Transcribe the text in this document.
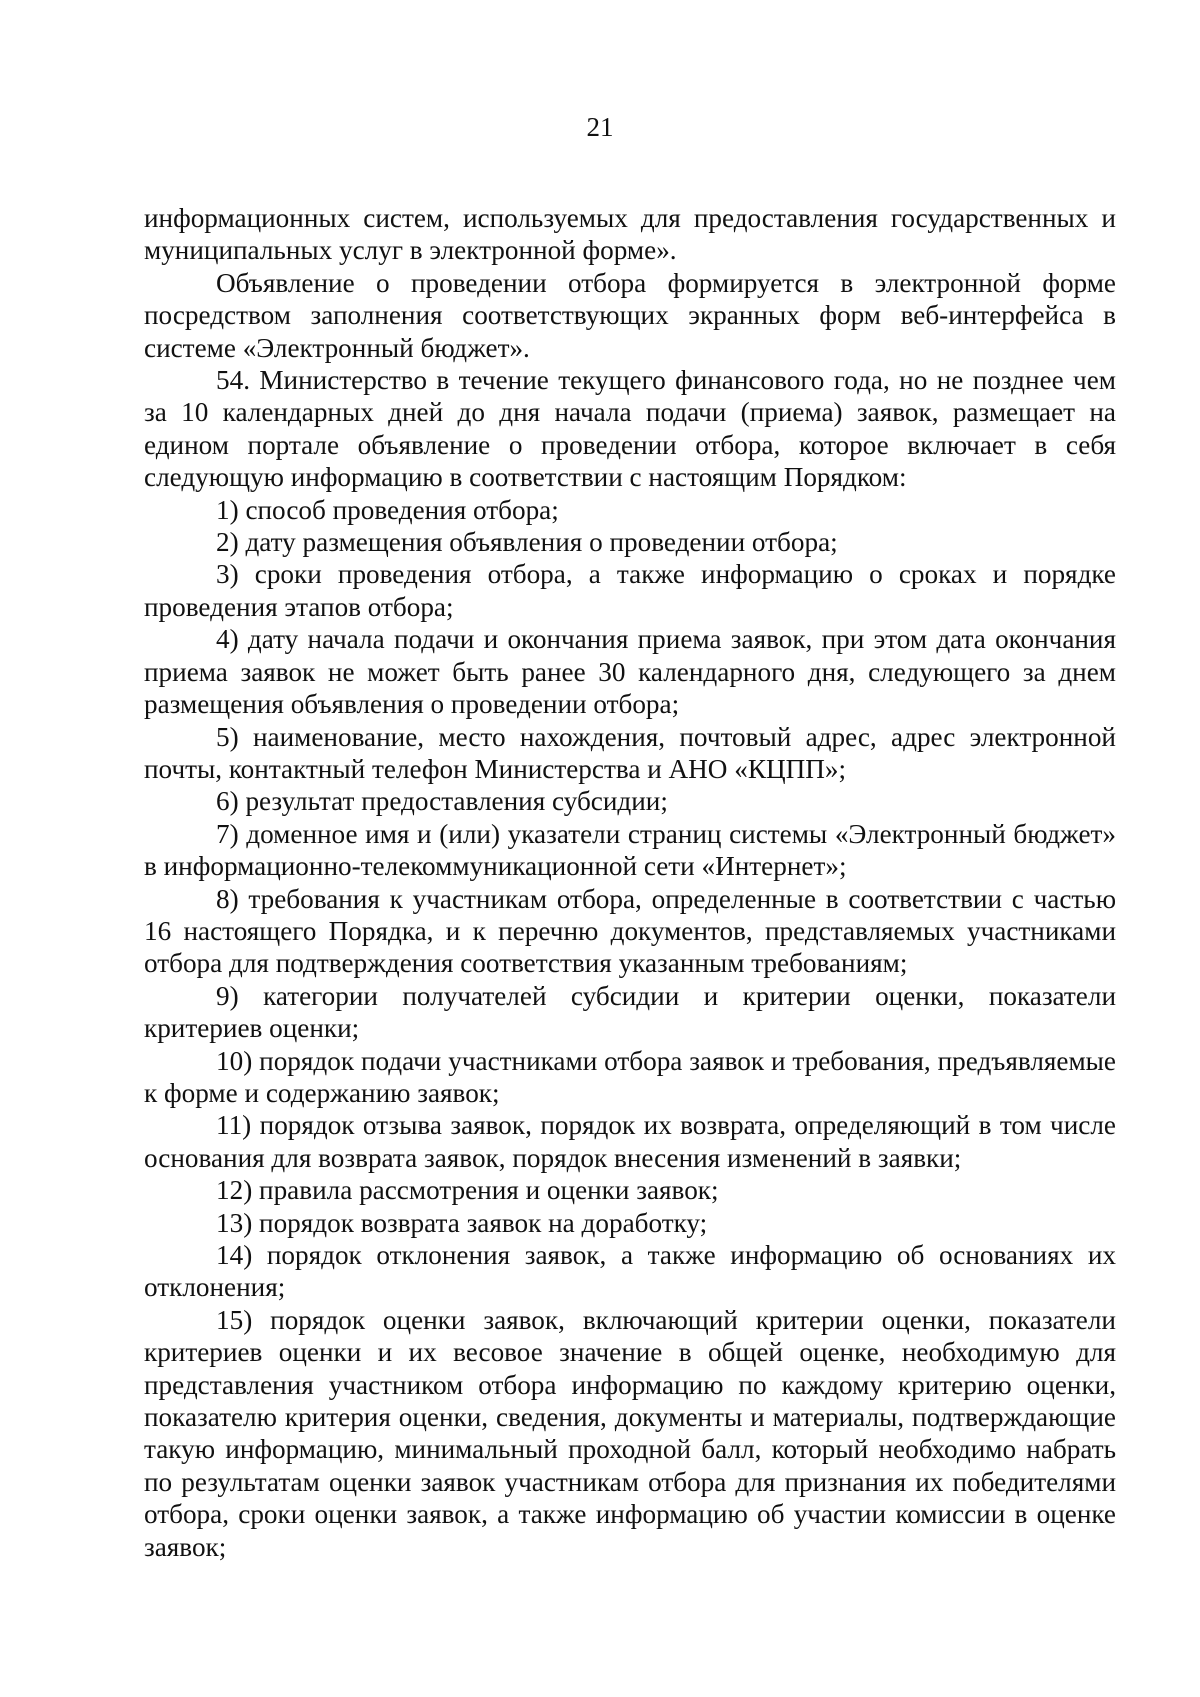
21

информационных систем, используемых для предоставления государственных и муниципальных услуг в электронной форме».

Объявление о проведении отбора формируется в электронной форме посредством заполнения соответствующих экранных форм веб-интерфейса в системе «Электронный бюджет».

54. Министерство в течение текущего финансового года, но не позднее чем за 10 календарных дней до дня начала подачи (приема) заявок, размещает на едином портале объявление о проведении отбора, которое включает в себя следующую информацию в соответствии с настоящим Порядком:

1) способ проведения отбора;

2) дату размещения объявления о проведении отбора;

3) сроки проведения отбора, а также информацию о сроках и порядке проведения этапов отбора;

4) дату начала подачи и окончания приема заявок, при этом дата окончания приема заявок не может быть ранее 30 календарного дня, следующего за днем размещения объявления о проведении отбора;

5) наименование, место нахождения, почтовый адрес, адрес электронной почты, контактный телефон Министерства и АНО «КЦПП»;

6) результат предоставления субсидии;

7) доменное имя и (или) указатели страниц системы «Электронный бюджет» в информационно-телекоммуникационной сети «Интернет»;

8) требования к участникам отбора, определенные в соответствии с частью 16 настоящего Порядка, и к перечню документов, представляемых участниками отбора для подтверждения соответствия указанным требованиям;

9) категории получателей субсидии и критерии оценки, показатели критериев оценки;

10) порядок подачи участниками отбора заявок и требования, предъявляемые к форме и содержанию заявок;

11) порядок отзыва заявок, порядок их возврата, определяющий в том числе основания для возврата заявок, порядок внесения изменений в заявки;

12) правила рассмотрения и оценки заявок;

13) порядок возврата заявок на доработку;

14) порядок отклонения заявок, а также информацию об основаниях их отклонения;

15) порядок оценки заявок, включающий критерии оценки, показатели критериев оценки и их весовое значение в общей оценке, необходимую для представления участником отбора информацию по каждому критерию оценки, показателю критерия оценки, сведения, документы и материалы, подтверждающие такую информацию, минимальный проходной балл, который необходимо набрать по результатам оценки заявок участникам отбора для признания их победителями отбора, сроки оценки заявок, а также информацию об участии комиссии в оценке заявок;
